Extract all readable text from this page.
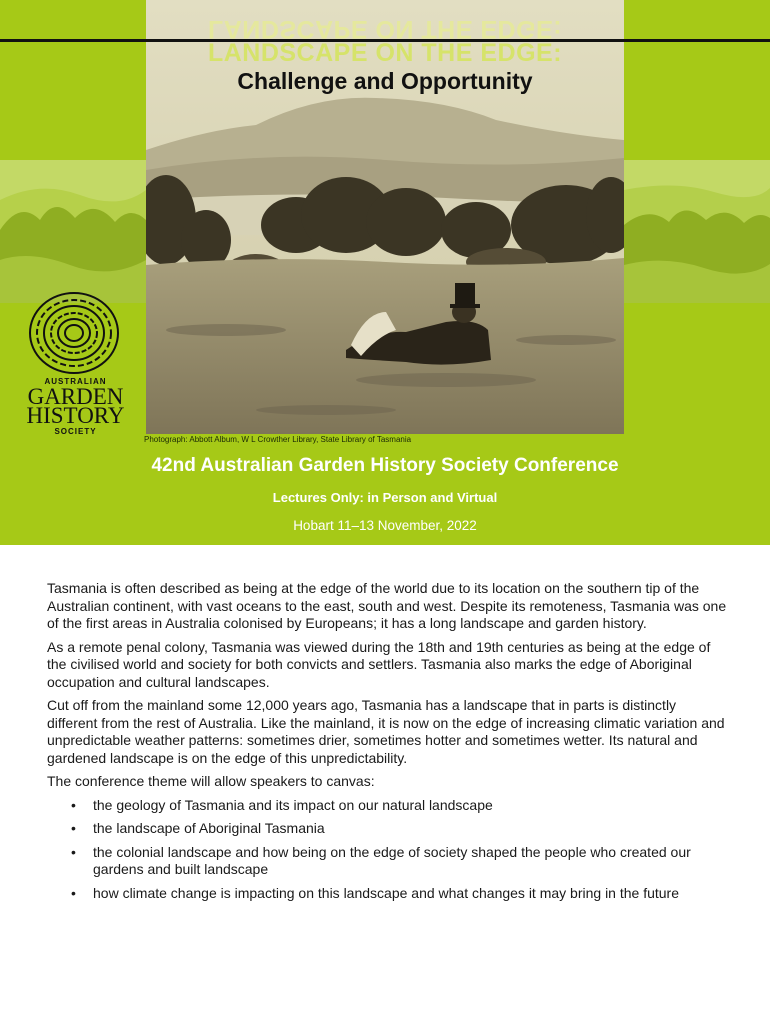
LANDSCAPE ON THE EDGE:
LANDSCAPE ON THE EDGE:
Challenge and Opportunity
AUSTRALIAN
GARDEN
HISTORY
SOCIETY
Photograph: Abbott Album, W L Crowther Library, State Library of Tasmania
42nd Australian Garden History Society Conference
Lectures Only: in Person and Virtual
Hobart 11–13 November, 2022

Tasmania is often described as being at the edge of the world due to its location on the southern tip of the Australian continent, with vast oceans to the east, south and west. Despite its remoteness, Tasmania was one of the first areas in Australia colonised by Europeans; it has a long landscape and garden history.

As a remote penal colony, Tasmania was viewed during the 18th and 19th centuries as being at the edge of the civilised world and society for both convicts and settlers. Tasmania also marks the edge of Aboriginal occupation and cultural landscapes.

Cut off from the mainland some 12,000 years ago, Tasmania has a landscape that in parts is distinctly different from the rest of Australia. Like the mainland, it is now on the edge of increasing climatic variation and unpredictable weather patterns: sometimes drier, sometimes hotter and sometimes wetter. Its natural and gardened landscape is on the edge of this unpredictability.

The conference theme will allow speakers to canvas:

• the geology of Tasmania and its impact on our natural landscape
• the landscape of Aboriginal Tasmania
• the colonial landscape and how being on the edge of society shaped the people who created our gardens and built landscape
• how climate change is impacting on this landscape and what changes it may bring in the future
